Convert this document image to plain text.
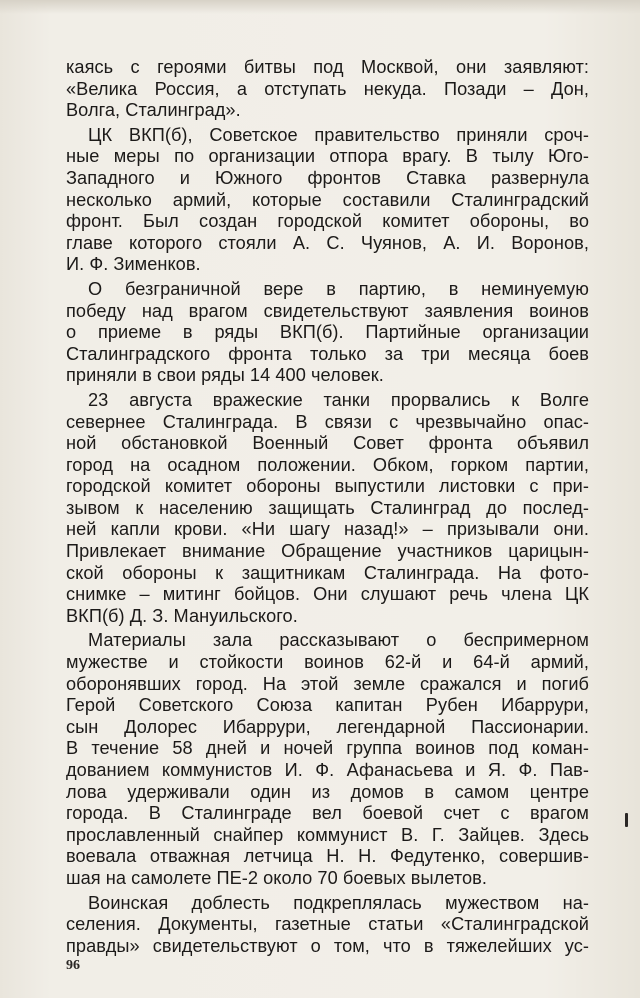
каясь с героями битвы под Москвой, они заявляют:
«Велика Россия, а отступать некуда. Позади – Дон,
Волга, Сталинград».
ЦК ВКП(б), Советское правительство приняли сроч-
ные меры по организации отпора врагу. В тылу Юго-
Западного и Южного фронтов Ставка развернула
несколько армий, которые составили Сталинградский
фронт. Был создан городской комитет обороны, во
главе которого стояли А. С. Чуянов, А. И. Воронов,
И. Ф. Зименков.
О безграничной вере в партию, в неминуемую
победу над врагом свидетельствуют заявления воинов
о приеме в ряды ВКП(б). Партийные организации
Сталинградского фронта только за три месяца боев
приняли в свои ряды 14 400 человек.
23 августа вражеские танки прорвались к Волге
севернее Сталинграда. В связи с чрезвычайно опас-
ной обстановкой Военный Совет фронта объявил
город на осадном положении. Обком, горком партии,
городской комитет обороны выпустили листовки с при-
зывом к населению защищать Сталинград до послед-
ней капли крови. «Ни шагу назад!» – призывали они.
Привлекает внимание Обращение участников царицын-
ской обороны к защитникам Сталинграда. На фото-
снимке – митинг бойцов. Они слушают речь члена ЦК
ВКП(б) Д. З. Мануильского.
Материалы зала рассказывают о беспримерном
мужестве и стойкости воинов 62-й и 64-й армий,
оборонявших город. На этой земле сражался и погиб
Герой Советского Союза капитан Рубен Ибаррури,
сын Долорес Ибаррури, легендарной Пассионарии.
В течение 58 дней и ночей группа воинов под коман-
дованием коммунистов И. Ф. Афанасьева и Я. Ф. Пав-
лова удерживали один из домов в самом центре
города. В Сталинграде вел боевой счет с врагом
прославленный снайпер коммунист В. Г. Зайцев. Здесь
воевала отважная летчица Н. Н. Федутенко, совершив-
шая на самолете ПЕ-2 около 70 боевых вылетов.
Воинская доблесть подкреплялась мужеством на-
селения. Документы, газетные статьи «Сталинградской
правды» свидетельствуют о том, что в тяжелейших ус-
96
